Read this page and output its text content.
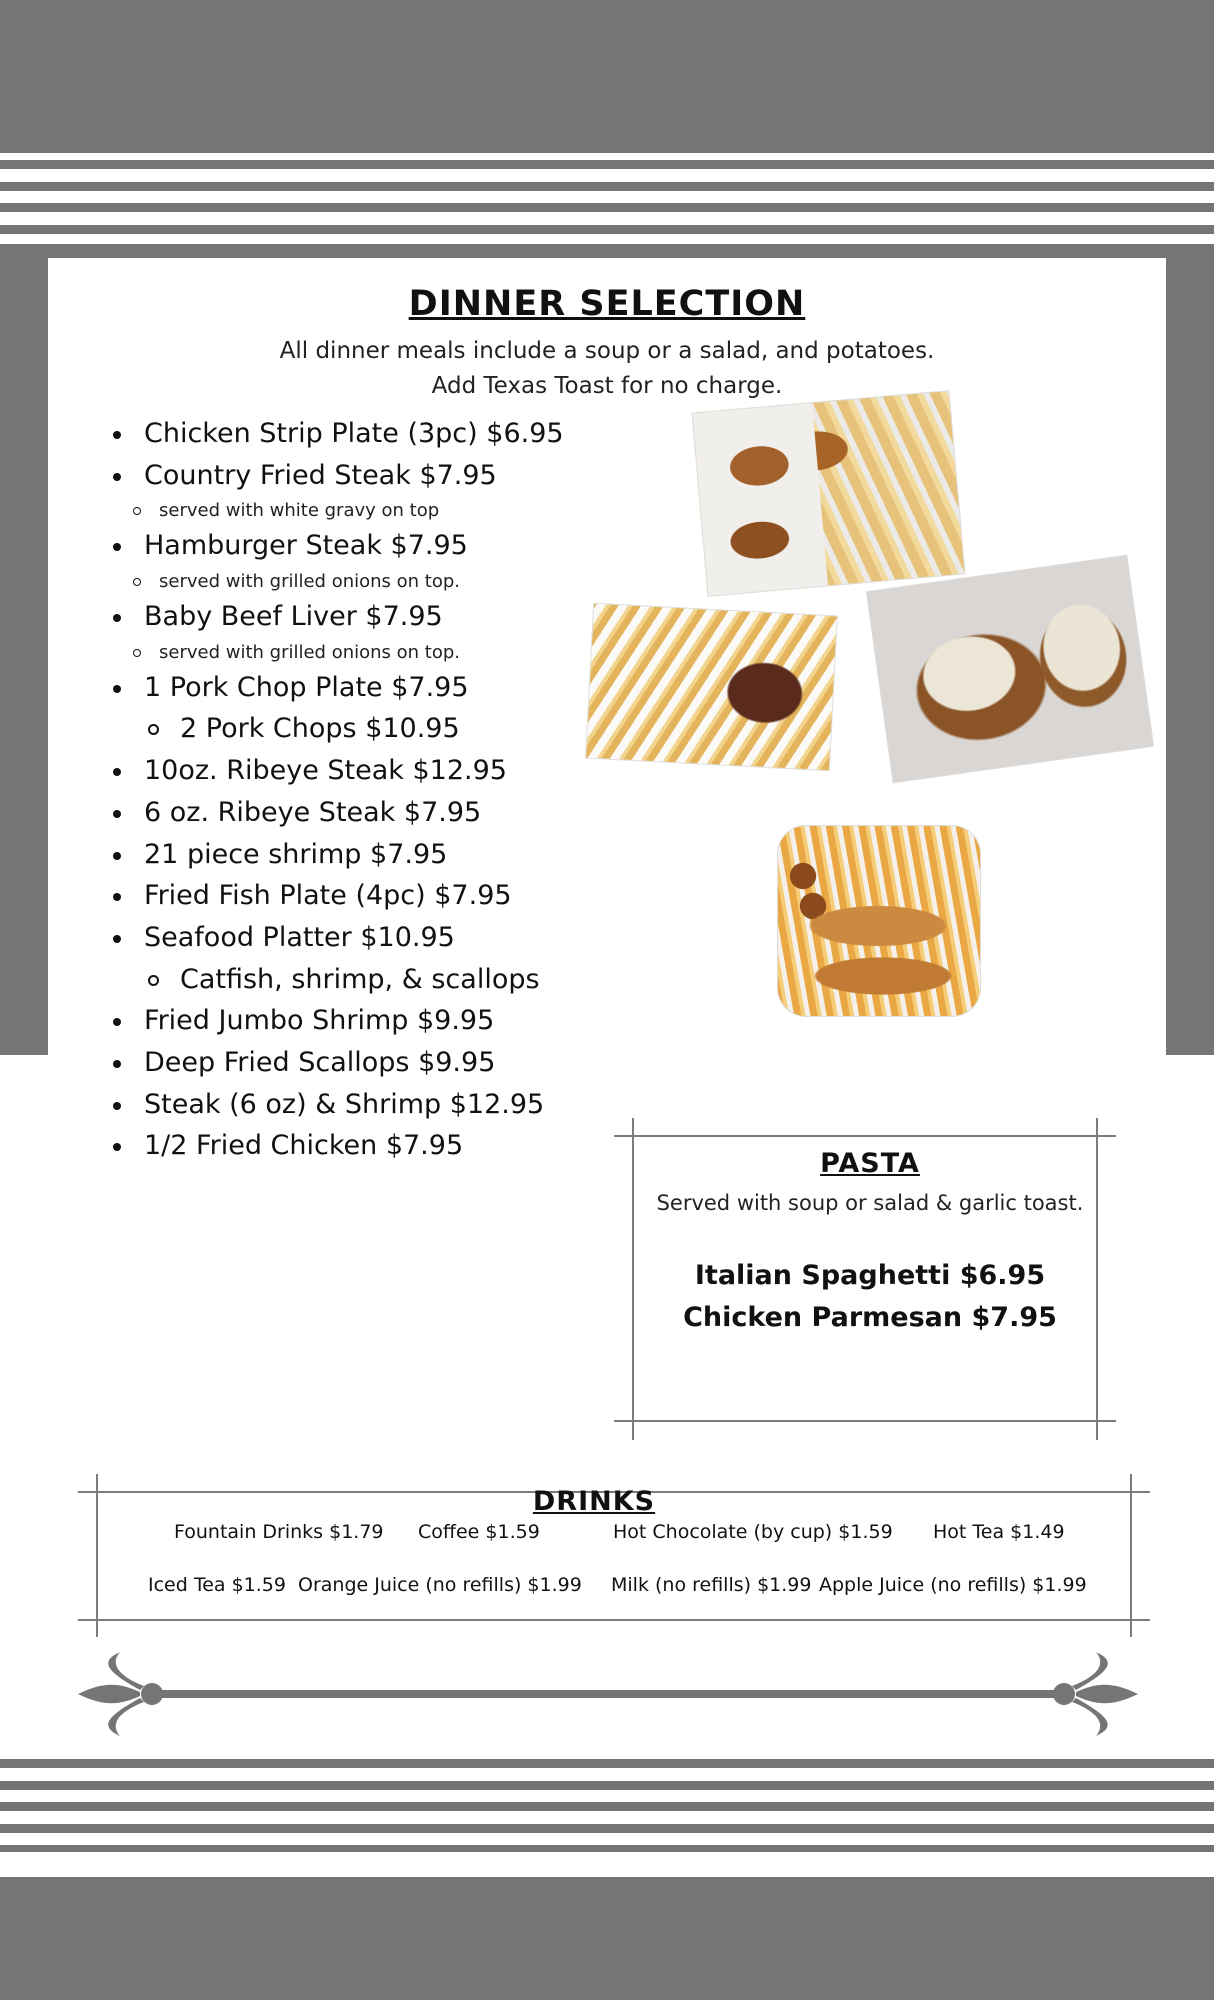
DINNER SELECTION
All dinner meals include a soup or a salad, and potatoes.
Add Texas Toast for no charge.
Chicken Strip Plate (3pc) $6.95
Country Fried Steak $7.95
served with white gravy on top
Hamburger Steak $7.95
served with grilled onions on top.
Baby Beef Liver $7.95
served with grilled onions on top.
1 Pork Chop Plate $7.95
2 Pork Chops $10.95
10oz. Ribeye Steak $12.95
6 oz. Ribeye Steak $7.95
21 piece shrimp $7.95
Fried Fish Plate (4pc) $7.95
Seafood Platter $10.95
Catfish, shrimp, & scallops
Fried Jumbo Shrimp $9.95
Deep Fried Scallops $9.95
Steak (6 oz) & Shrimp $12.95
1/2 Fried Chicken $7.95
PASTA
Served with soup or salad & garlic toast.
Italian Spaghetti $6.95
Chicken Parmesan $7.95
DRINKS
Fountain Drinks $1.79 Coffee $1.59	Hot Chocolate (by cup) $1.59 Hot Tea $1.49
Iced Tea $1.59 Orange Juice (no refills) $1.99 Milk (no refills) $1.99 Apple Juice (no refills) $1.99
